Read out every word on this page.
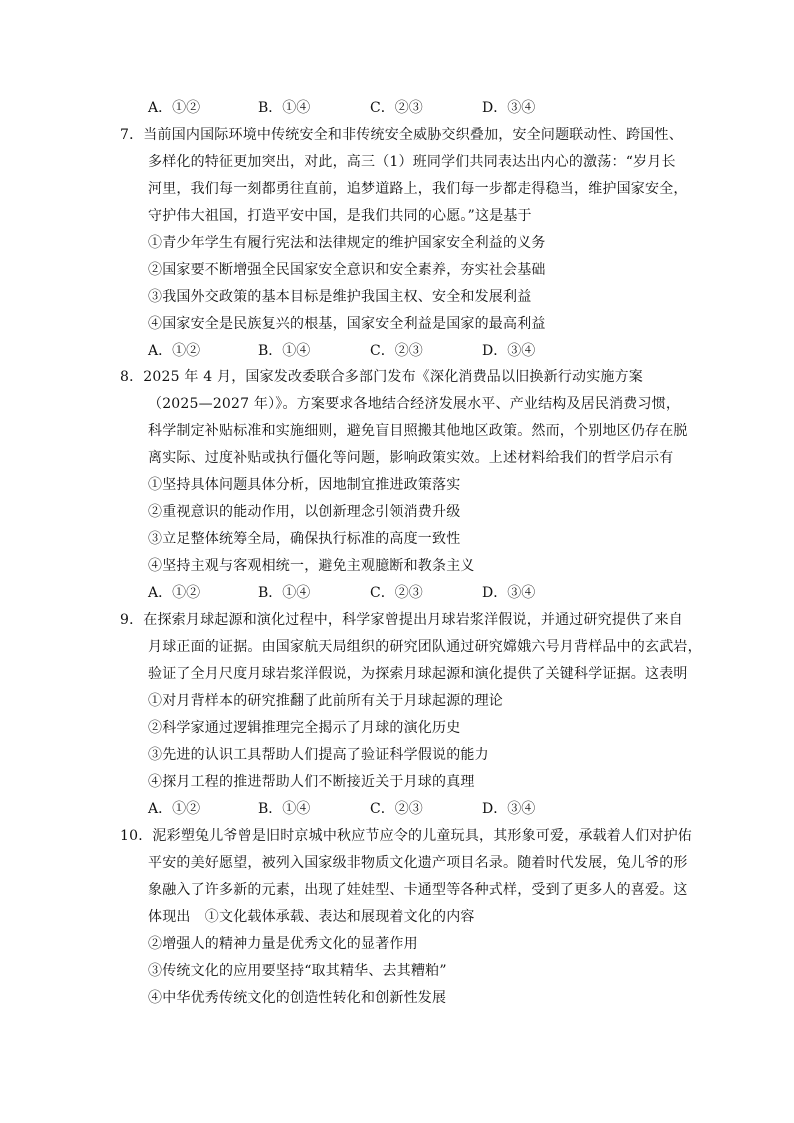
A．①②	B．①④	C．②③	D．③④
7．当前国内国际环境中传统安全和非传统安全威胁交织叠加，安全问题联动性、跨国性、
多样化的特征更加突出，对此，高三（1）班同学们共同表达出内心的激荡：“岁月长
河里，我们每一刻都勇往直前，追梦道路上，我们每一步都走得稳当，维护国家安全，
守护伟大祖国，打造平安中国，是我们共同的心愿。”这是基于
①青少年学生有履行宪法和法律规定的维护国家安全利益的义务
②国家要不断增强全民国家安全意识和安全素养，夯实社会基础
③我国外交政策的基本目标是维护我国主权、安全和发展利益
④国家安全是民族复兴的根基，国家安全利益是国家的最高利益
A．①②	B．①④	C．②③	D．③④
8．2025 年 4 月，国家发改委联合多部门发布《深化消费品以旧换新行动实施方案
（2025—2027 年）》。方案要求各地结合经济发展水平、产业结构及居民消费习惯，
科学制定补贴标准和实施细则，避免盲目照搬其他地区政策。然而，个别地区仍存在脱
离实际、过度补贴或执行僵化等问题，影响政策实效。上述材料给我们的哲学启示有
①坚持具体问题具体分析，因地制宜推进政策落实
②重视意识的能动作用，以创新理念引领消费升级
③立足整体统筹全局，确保执行标准的高度一致性
④坚持主观与客观相统一，避免主观臆断和教条主义
A．①②	B．①④	C．②③	D．③④
9．在探索月球起源和演化过程中，科学家曾提出月球岩浆洋假说，并通过研究提供了来自
月球正面的证据。由国家航天局组织的研究团队通过研究嫦娥六号月背样品中的玄武岩，
验证了全月尺度月球岩浆洋假说，为探索月球起源和演化提供了关键科学证据。这表明
①对月背样本的研究推翻了此前所有关于月球起源的理论
②科学家通过逻辑推理完全揭示了月球的演化历史
③先进的认识工具帮助人们提高了验证科学假说的能力
④探月工程的推进帮助人们不断接近关于月球的真理
A．①②	B．①④	C．②③	D．③④
10．泥彩塑兔儿爷曾是旧时京城中秋应节应令的儿童玩具，其形象可爱，承载着人们对护佑
平安的美好愿望，被列入国家级非物质文化遗产项目名录。随着时代发展，兔儿爷的形
象融入了许多新的元素，出现了娃娃型、卡通型等各种式样，受到了更多人的喜爱。这
体现出　①文化载体承载、表达和展现着文化的内容
②增强人的精神力量是优秀文化的显著作用
③传统文化的应用要坚持“取其精华、去其糟粕”
④中华优秀传统文化的创造性转化和创新性发展
